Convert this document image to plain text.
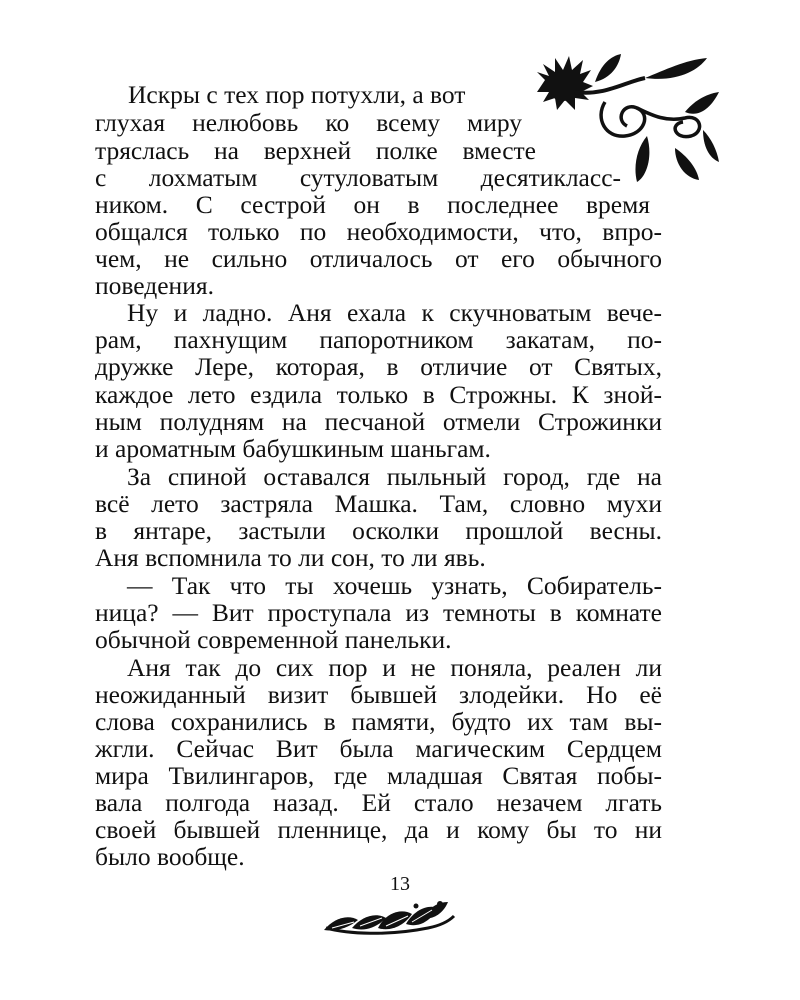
Искры с тех пор потухли, а вот
глухая нелюбовь ко всему миру
тряслась на верхней полке вместе
с лохматым сутуловатым десятикласс-
ником. С сестрой он в последнее время
общался только по необходимости, что, впро-
чем, не сильно отличалось от его обычного
поведения.
Ну и ладно. Аня ехала к скучноватым вече-
рам, пахнущим папоротником закатам, по-
дружке Лере, которая, в отличие от Святых,
каждое лето ездила только в Строжны. К зной-
ным полудням на песчаной отмели Строжинки
и ароматным бабушкиным шаньгам.
За спиной оставался пыльный город, где на
всё лето застряла Машка. Там, словно мухи
в янтаре, застыли осколки прошлой весны.
Аня вспомнила то ли сон, то ли явь.
— Так что ты хочешь узнать, Собиратель-
ница? — Вит проступала из темноты в комнате
обычной современной панельки.
Аня так до сих пор и не поняла, реален ли
неожиданный визит бывшей злодейки. Но её
слова сохранились в памяти, будто их там вы-
жгли. Сейчас Вит была магическим Сердцем
мира Твилингаров, где младшая Святая побы-
вала полгода назад. Ей стало незачем лгать
своей бывшей пленнице, да и кому бы то ни
было вообще.
13
